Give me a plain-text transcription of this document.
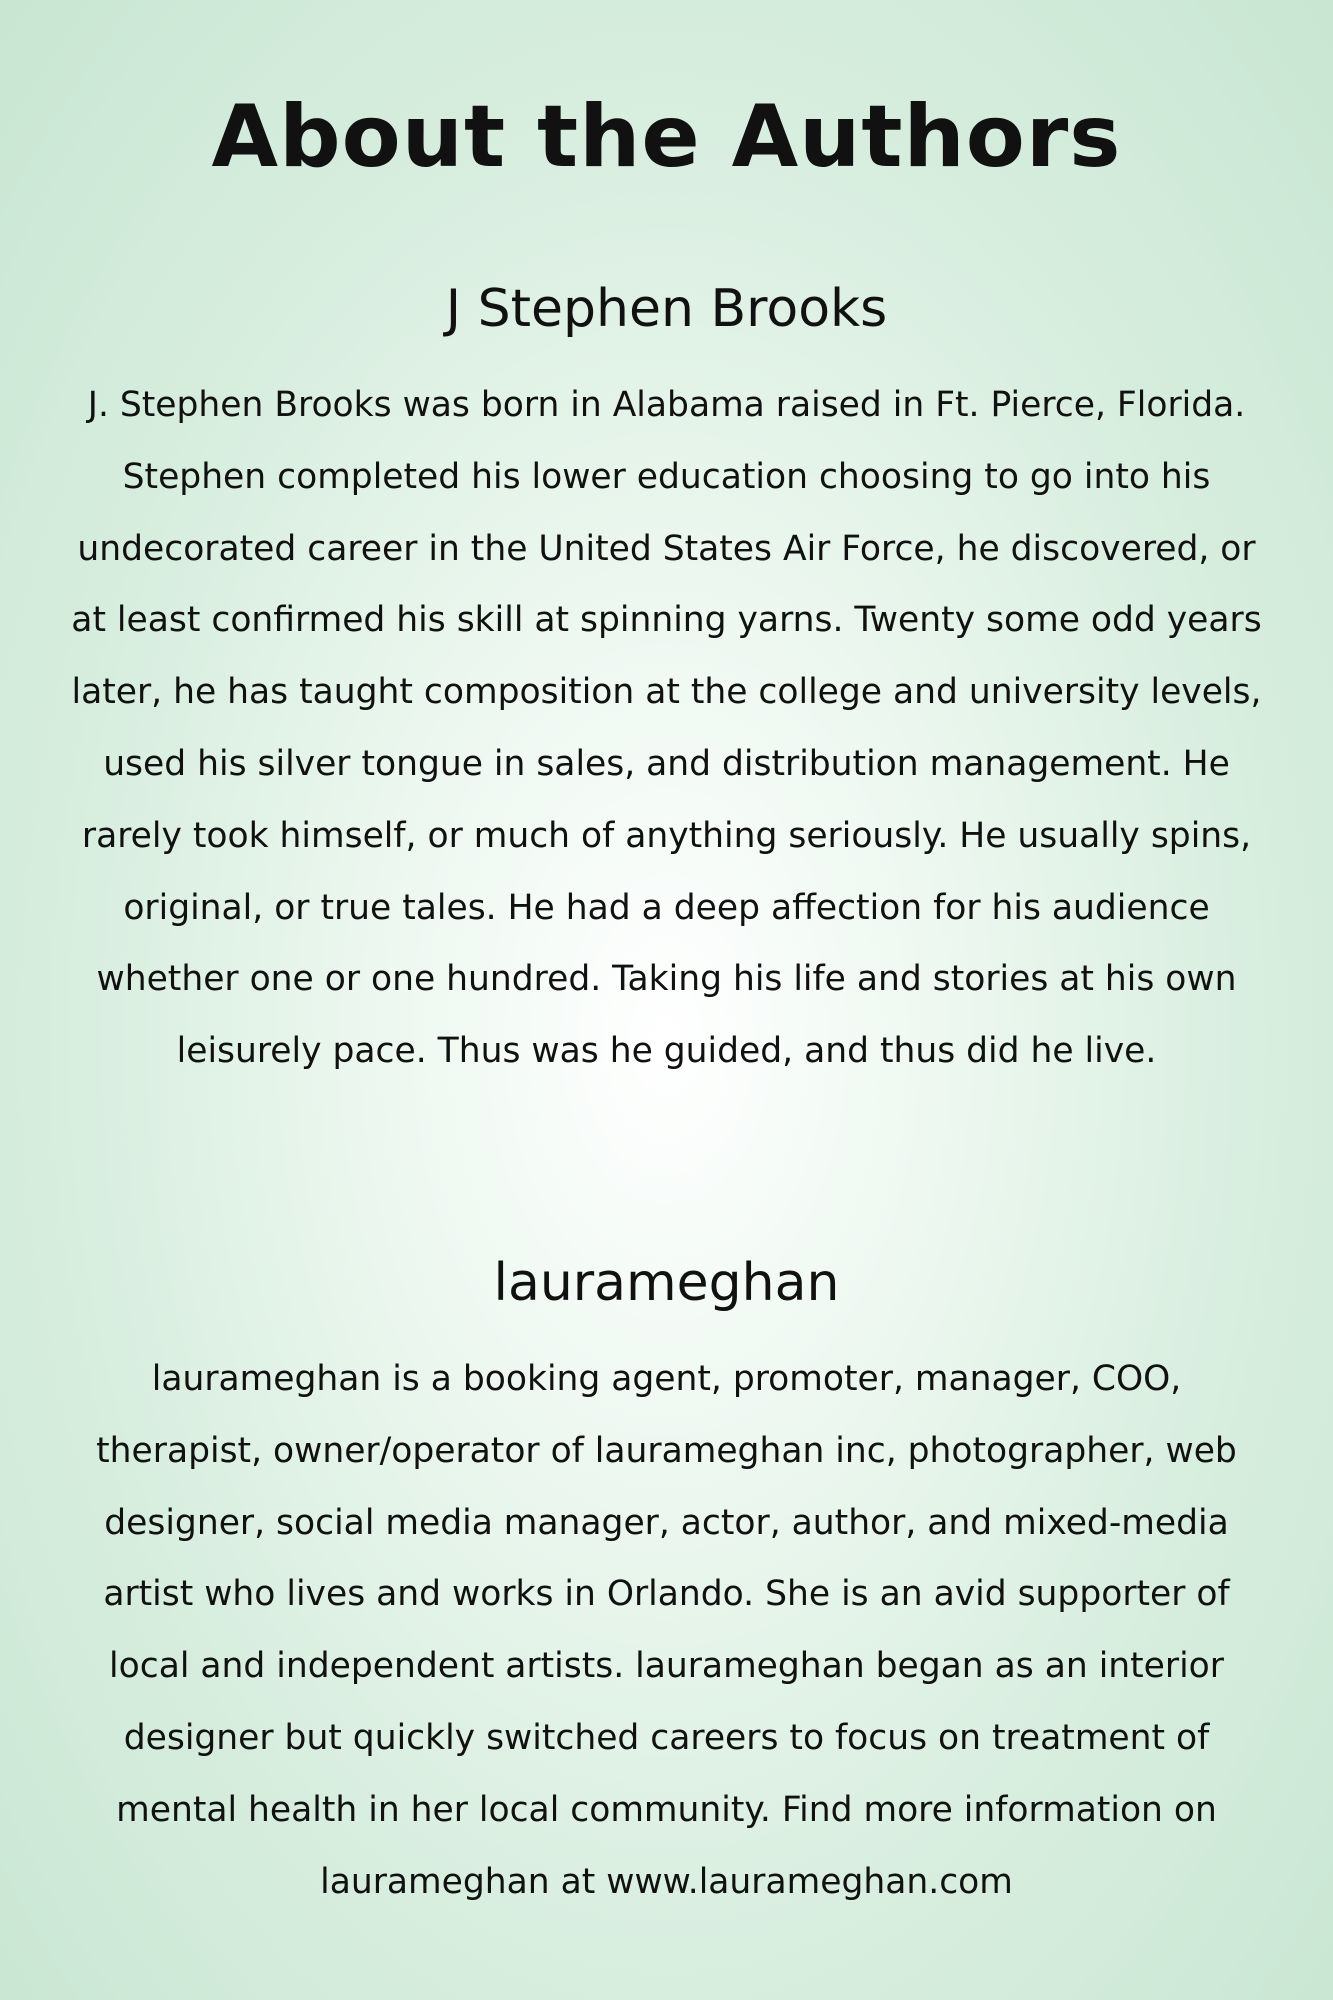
About the Authors
J Stephen Brooks

J. Stephen Brooks was born in Alabama raised in Ft. Pierce, Florida. Stephen completed his lower education choosing to go into his undecorated career in the United States Air Force, he discovered, or at least confirmed his skill at spinning yarns. Twenty some odd years later, he has taught composition at the college and university levels, used his silver tongue in sales, and distribution management. He rarely took himself, or much of anything seriously. He usually spins, original, or true tales. He had a deep affection for his audience whether one or one hundred. Taking his life and stories at his own leisurely pace. Thus was he guided, and thus did he live.

laurameghan

laurameghan is a booking agent, promoter, manager, COO, therapist, owner/operator of laurameghan inc, photographer, web designer, social media manager, actor, author, and mixed-media artist who lives and works in Orlando. She is an avid supporter of local and independent artists. laurameghan began as an interior designer but quickly switched careers to focus on treatment of mental health in her local community. Find more information on laurameghan at www.laurameghan.com
